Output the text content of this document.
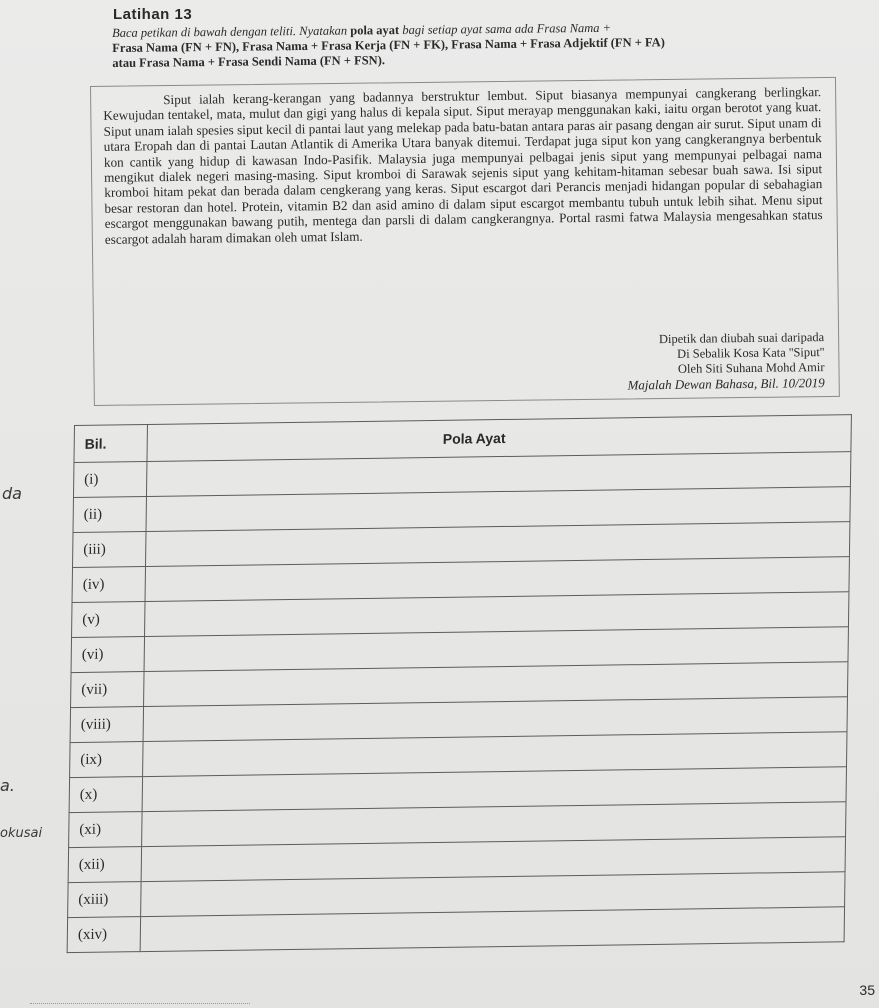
Latihan 13
Baca petikan di bawah dengan teliti. Nyatakan pola ayat bagi setiap ayat sama ada Frasa Nama +
Frasa Nama (FN + FN), Frasa Nama + Frasa Kerja (FN + FK), Frasa Nama + Frasa Adjektif (FN + FA)
atau Frasa Nama + Frasa Sendi Nama (FN + FSN).
Siput ialah kerang-kerangan yang badannya berstruktur lembut. Siput biasanya mempunyai cangkerang berlingkar. Kewujudan tentakel, mata, mulut dan gigi yang halus di kepala siput. Siput merayap menggunakan kaki, iaitu organ berotot yang kuat. Siput unam ialah spesies siput kecil di pantai laut yang melekap pada batu-batan antara paras air pasang dengan air surut. Siput unam di utara Eropah dan di pantai Lautan Atlantik di Amerika Utara banyak ditemui. Terdapat juga siput kon yang cangkerangnya berbentuk kon cantik yang hidup di kawasan Indo-Pasifik. Malaysia juga mempunyai pelbagai jenis siput yang mempunyai pelbagai nama mengikut dialek negeri masing-masing. Siput kromboi di Sarawak sejenis siput yang kehitam-hitaman sebesar buah sawa. Isi siput kromboi hitam pekat dan berada dalam cengkerang yang keras. Siput escargot dari Perancis menjadi hidangan popular di sebahagian besar restoran dan hotel. Protein, vitamin B2 dan asid amino di dalam siput escargot membantu tubuh untuk lebih sihat. Menu siput escargot menggunakan bawang putih, mentega dan parsli di dalam cangkerangnya. Portal rasmi fatwa Malaysia mengesahkan status escargot adalah haram dimakan oleh umat Islam.
Dipetik dan diubah suai daripada
Di Sebalik Kosa Kata ''Siput''
Oleh Siti Suhana Mohd Amir
Majalah Dewan Bahasa, Bil. 10/2019
Bil.	Pola Ayat
(i)	
(ii)	
(iii)	
(iv)	
(v)	
(vi)	
(vii)	
(viii)	
(ix)	
(x)	
(xi)	
(xii)	
(xiii)	
(xiv)	
da
a.
okusai
35
